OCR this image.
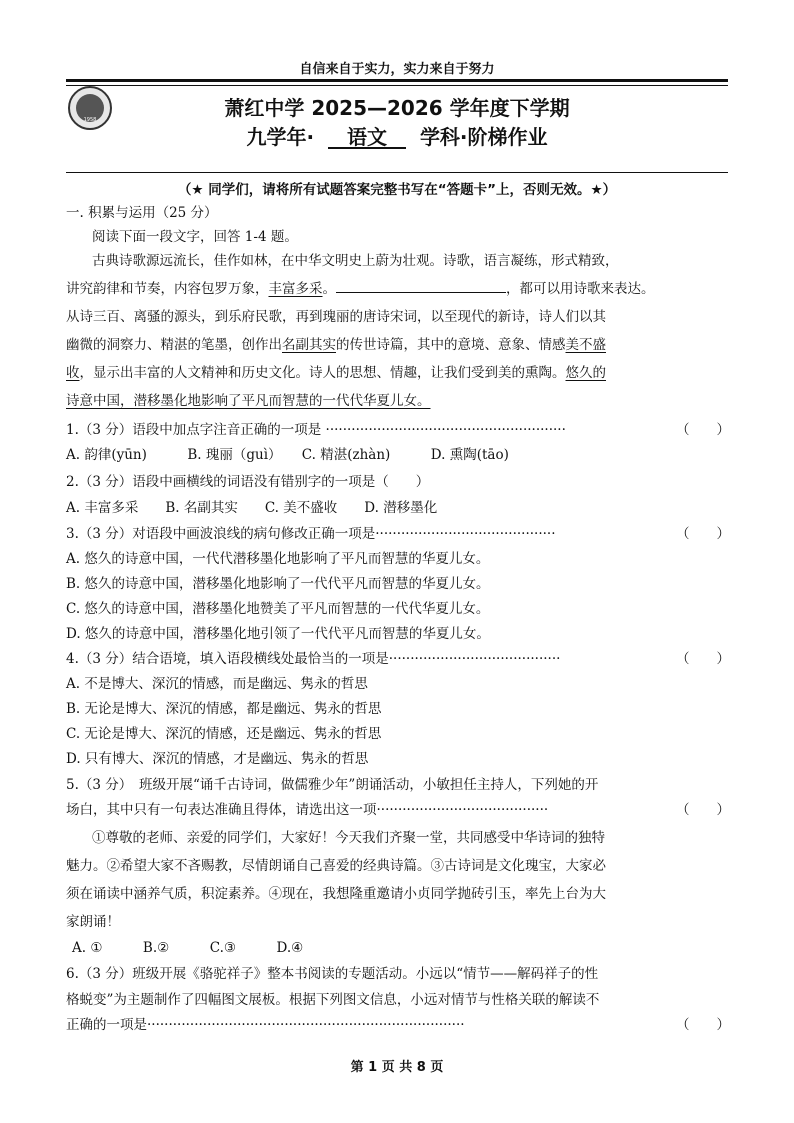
自信来自于实力，实力来自于努力
1958	萧红中学 2025—2026 学年度下学期
九学年· 语文 学科·阶梯作业
（★ 同学们，请将所有试题答案完整书写在“答题卡”上，否则无效。★）
一. 积累与运用（25 分）
阅读下面一段文字，回答 1-4 题。
古典诗歌源远流长，佳作如林，在中华文明史上蔚为壮观。诗歌，语言凝练，形式精致，
讲究韵律和节奏，内容包罗万象，丰富多采。	，都可以用诗歌来表达。
从诗三百、离骚的源头，到乐府民歌，再到瑰丽的唐诗宋词，以至现代的新诗，诗人们以其
幽微的洞察力、精湛的笔墨，创作出名副其实的传世诗篇，其中的意境、意象、情感美不盛
收，显示出丰富的人文精神和历史文化。诗人的思想、情趣，让我们受到美的熏陶。悠久的
诗意中国，潜移墨化地影响了平凡而智慧的一代代华夏儿女。
1.（3 分）语段中加点字注音正确的一项是 ························································	（　　）
A. 韵律(yūn)　　　B. 瑰丽（guì）　　C. 精湛(zhàn)　　　D. 熏陶(tāo)
2.（3 分）语段中画横线的词语没有错别字的一项是（　　）
A. 丰富多采　　B. 名副其实　　C. 美不盛收　　D. 潜移墨化
3.（3 分）对语段中画波浪线的病句修改正确一项是··········································	（　　）
A. 悠久的诗意中国，一代代潜移墨化地影响了平凡而智慧的华夏儿女。
B. 悠久的诗意中国，潜移墨化地影响了一代代平凡而智慧的华夏儿女。
C. 悠久的诗意中国，潜移墨化地赞美了平凡而智慧的一代代华夏儿女。
D. 悠久的诗意中国，潜移墨化地引领了一代代平凡而智慧的华夏儿女。
4.（3 分）结合语境，填入语段横线处最恰当的一项是········································	（　　）
A. 不是博大、深沉的情感，而是幽远、隽永的哲思
B. 无论是博大、深沉的情感，都是幽远、隽永的哲思
C. 无论是博大、深沉的情感，还是幽远、隽永的哲思
D. 只有博大、深沉的情感，才是幽远、隽永的哲思
5.（3 分）　班级开展“诵千古诗词，做儒雅少年”朗诵活动，小敏担任主持人，下列她的开
场白，其中只有一句表达准确且得体，请选出这一项········································	（　　）
①尊敬的老师、亲爱的同学们，大家好！今天我们齐聚一堂，共同感受中华诗词的独特
魅力。②希望大家不吝赐教，尽情朗诵自己喜爱的经典诗篇。③古诗词是文化瑰宝，大家必
须在诵读中涵养气质，积淀素养。④现在，我想隆重邀请小贞同学抛砖引玉，率先上台为大
家朗诵！
A. ①　　　B.②　　　C.③　　　D.④
6.（3 分）班级开展《骆驼祥子》整本书阅读的专题活动。小远以“情节——解码祥子的性
格蜕变”为主题制作了四幅图文展板。根据下列图文信息，小远对情节与性格关联的解读不
正确的一项是··········································································	（　　）
第 1 页 共 8 页
